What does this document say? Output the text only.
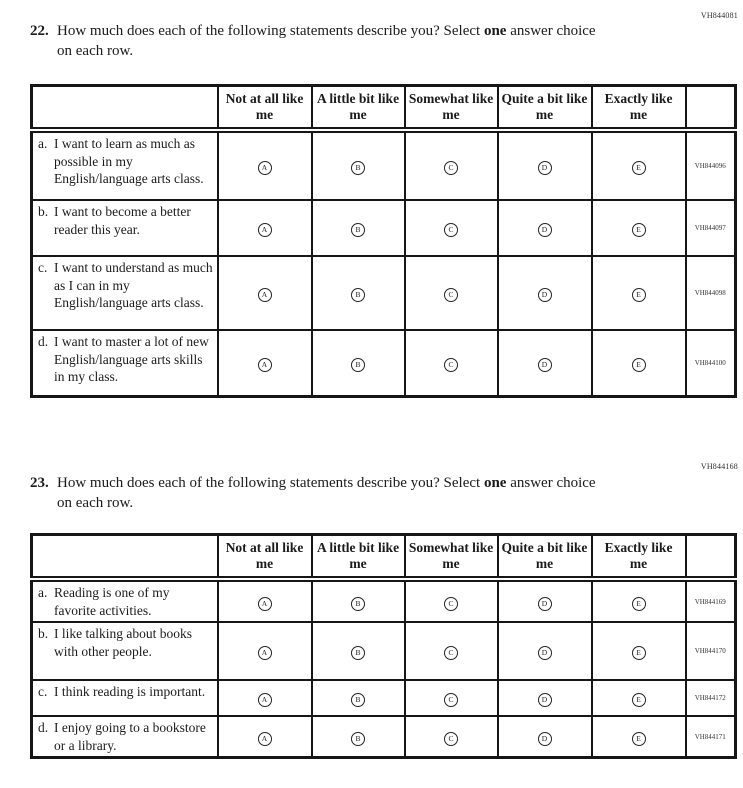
VH844081
22. How much does each of the following statements describe you? Select one answer choice on each row.
	Not at all like me	A little bit like me	Somewhat like me	Quite a bit like me	Exactly like me	

a. I want to learn as much as possible in my English/language arts class.	A	B	C	D	E	VH844096

b. I want to become a better reader this year.	A	B	C	D	E	VH844097

c. I want to understand as much as I can in my English/language arts class.	A	B	C	D	E	VH844098

d. I want to master a lot of new English/language arts skills in my class.	A	B	C	D	E	VH844100
VH844168
23. How much does each of the following statements describe you? Select one answer choice on each row.
	Not at all like me	A little bit like me	Somewhat like me	Quite a bit like me	Exactly like me	

a. Reading is one of my favorite activities.	A	B	C	D	E	VH844169

b. I like talking about books with other people.	A	B	C	D	E	VH844170

c. I think reading is important.	A	B	C	D	E	VH844172

d. I enjoy going to a bookstore or a library.	A	B	C	D	E	VH844171
